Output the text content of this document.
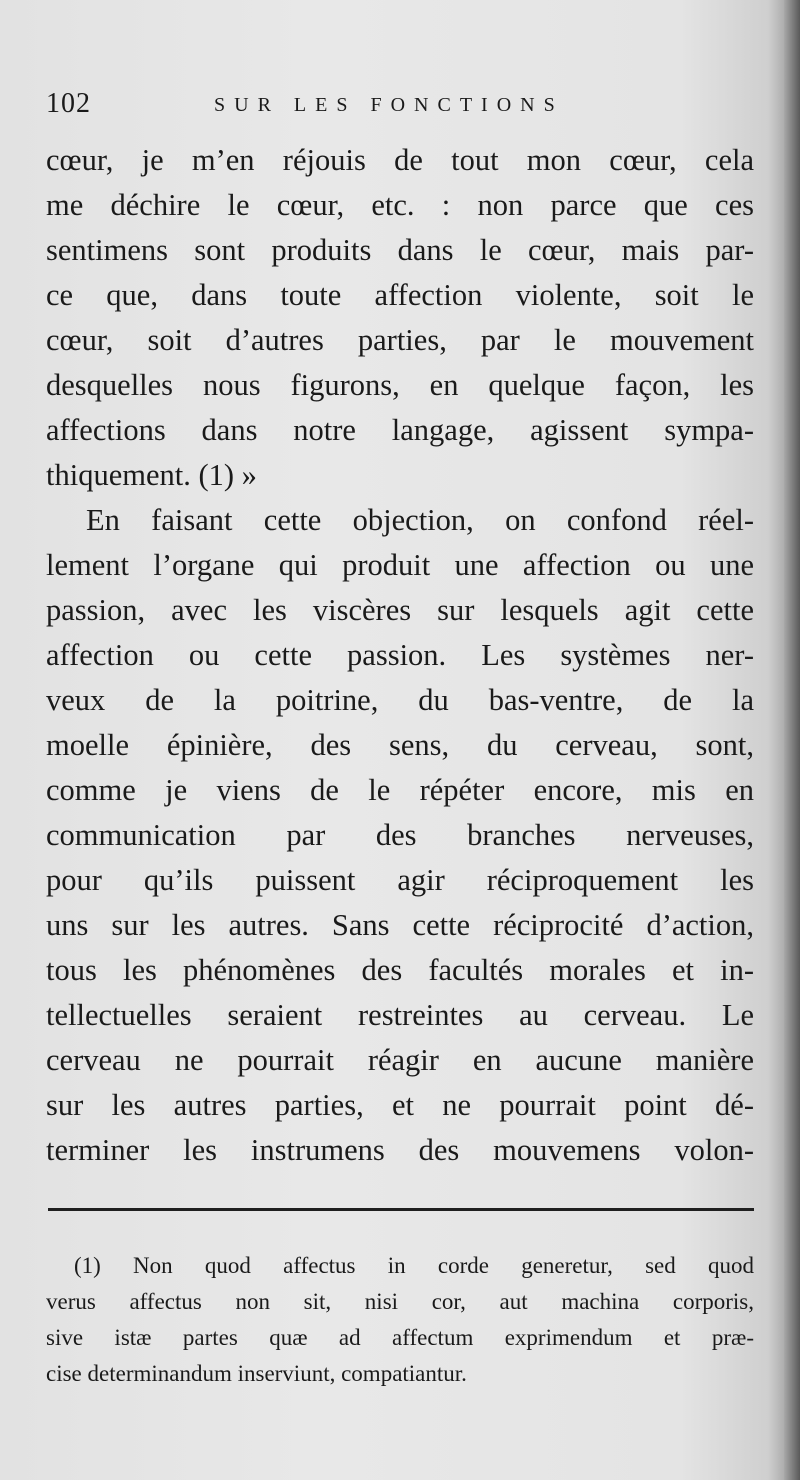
102	SUR LES FONCTIONS
cœur, je m’en réjouis de tout mon cœur, cela
me déchire le cœur, etc. : non parce que ces
sentimens sont produits dans le cœur, mais par-
ce que, dans toute affection violente, soit le
cœur, soit d’autres parties, par le mouvement
desquelles nous figurons, en quelque façon, les
affections dans notre langage, agissent sympa-
thiquement. (1) »
En faisant cette objection, on confond réel-
lement l’organe qui produit une affection ou une
passion, avec les viscères sur lesquels agit cette
affection ou cette passion. Les systèmes ner-
veux de la poitrine, du bas-ventre, de la
moelle épinière, des sens, du cerveau, sont,
comme je viens de le répéter encore, mis en
communication par des branches nerveuses,
pour qu’ils puissent agir réciproquement les
uns sur les autres. Sans cette réciprocité d’action,
tous les phénomènes des facultés morales et in-
tellectuelles seraient restreintes au cerveau. Le
cerveau ne pourrait réagir en aucune manière
sur les autres parties, et ne pourrait point dé-
terminer les instrumens des mouvemens volon-
(1) Non quod affectus in corde generetur, sed quod
verus affectus non sit, nisi cor, aut machina corporis,
sive istæ partes quæ ad affectum exprimendum et præ-
cise determinandum inserviunt, compatiantur.
